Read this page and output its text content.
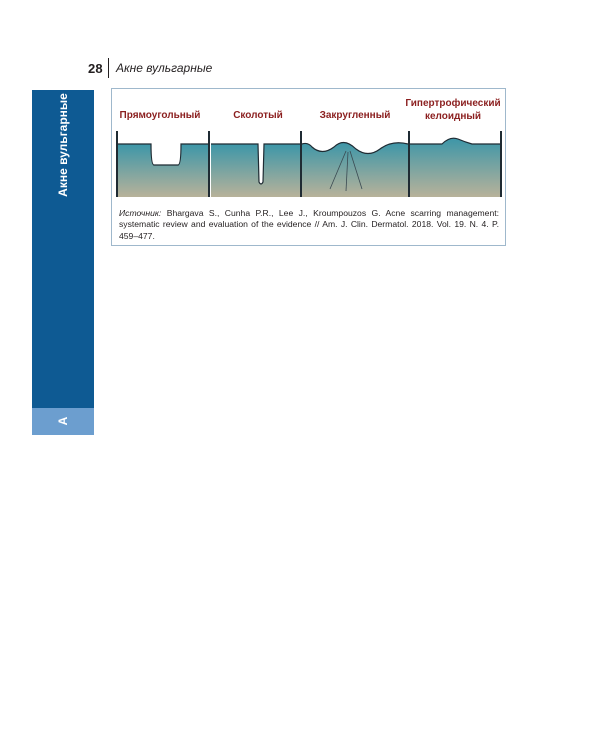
28 Акне вульгарные
Акне вульгарные
А
Прямоугольный	Сколотый	Закругленный
Гипертрофический
келоидный
Источник: Bhargava S., Cunha P.R., Lee J., Kroumpouzos G. Acne scarring management: systematic review and evaluation of the evidence // Am. J. Clin. Dermatol. 2018. Vol. 19. N. 4. P. 459–477.
